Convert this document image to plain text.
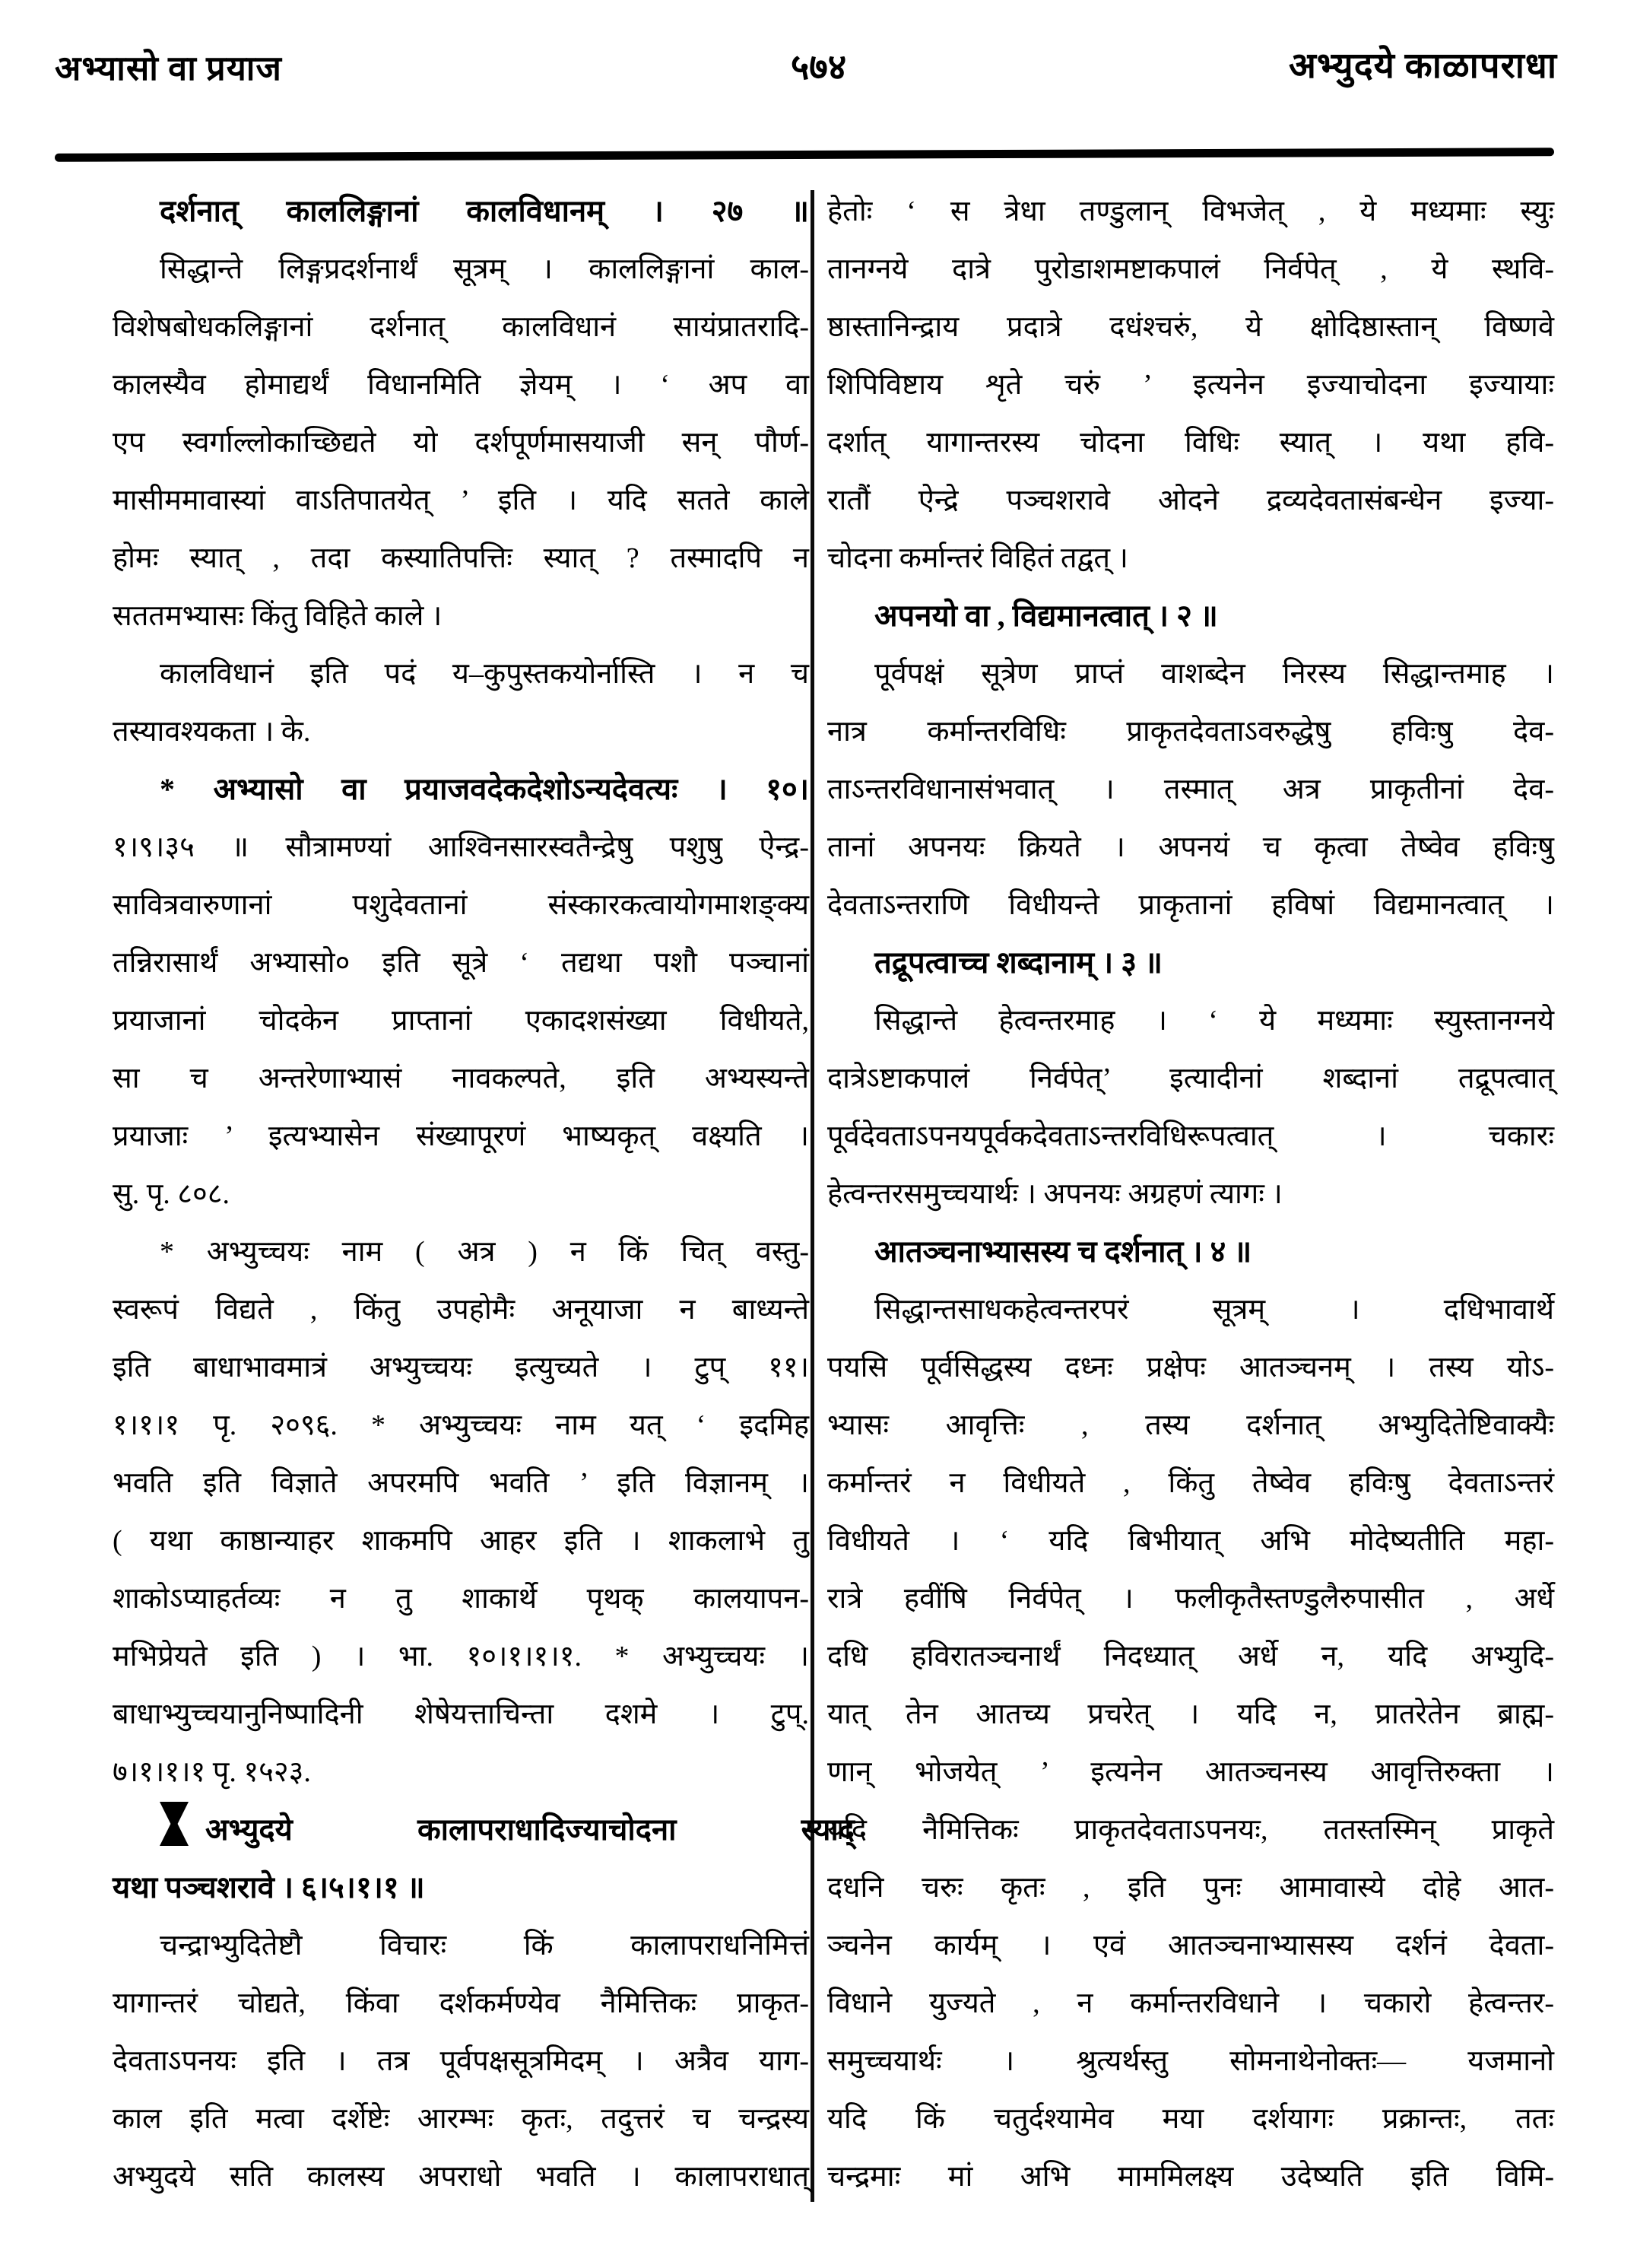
अभ्यासो वा प्रयाज	५७४	अभ्युदये काळापराधा
दर्शनात् काललिङ्गानां कालविधानम् । २७ ॥
सिद्धान्ते लिङ्गप्रदर्शनार्थं सूत्रम् । काललिङ्गानां काल-
विशेषबोधकलिङ्गानां दर्शनात् कालविधानं सायंप्रातरादि-
कालस्यैव होमाद्यर्थं विधानमिति ज्ञेयम् । ‘ अप वा
एप स्वर्गाल्लोकाच्छिद्यते यो दर्शपूर्णमासयाजी सन् पौर्ण-
मासीममावास्यां वाऽतिपातयेत् ’ इति । यदि सतते काले
होमः स्यात् , तदा कस्यातिपत्तिः स्यात् ? तस्मादपि न
सततमभ्यासः किंतु विहिते काले ।
कालविधानं इति पदं य–कुपुस्तकयोर्नास्ति । न च
तस्यावश्यकता । के.
* अभ्यासो वा प्रयाजवदेकदेशोऽन्यदेवत्यः । १०।
१।९।३५ ॥ सौत्रामण्यां आश्विनसारस्वतैन्द्रेषु पशुषु ऐन्द्र-
सावित्रवारुणानां पशुदेवतानां संस्कारकत्वायोगमाशङ्क्य
तन्निरासार्थं अभ्यासो० इति सूत्रे ‘ तद्यथा पशौ पञ्चानां
प्रयाजानां चोदकेन प्राप्तानां एकादशसंख्या विधीयते,
सा च अन्तरेणाभ्यासं नावकल्पते, इति अभ्यस्यन्ते
प्रयाजाः ’ इत्यभ्यासेन संख्यापूरणं भाष्यकृत् वक्ष्यति ।
सु. पृ. ८०८.
* अभ्युच्चयः नाम ( अत्र ) न किं चित् वस्तु-
स्वरूपं विद्यते , किंतु उपहोमैः अनूयाजा न बाध्यन्ते
इति बाधाभावमात्रं अभ्युच्चयः इत्युच्यते । टुप् ११।
१।१।१ पृ. २०९६. * अभ्युच्चयः नाम यत् ‘ इदमिह
भवति इति विज्ञाते अपरमपि भवति ’ इति विज्ञानम् ।
( यथा काष्ठान्याहर शाकमपि आहर इति । शाकलाभे तु
शाकोऽप्याहर्तव्यः न तु शाकार्थे पृथक् कालयापन-
मभिप्रेयते इति ) । भा. १०।१।१।१. * अभ्युच्चयः ।
बाधाभ्युच्चयानुनिष्पादिनी शेषेयत्ताचिन्ता दशमे । टुप्.
७।१।१।१ पृ. १५२३.
अभ्युदये कालापराधादिज्याचोदना स्याद्
यथा पञ्चशरावे । ६।५।१।१ ॥
चन्द्राभ्युदितेष्टौ विचारः किं कालापराधनिमित्तं
यागान्तरं चोद्यते, किंवा दर्शकर्मण्येव नैमित्तिकः प्राकृत-
देवताऽपनयः इति । तत्र पूर्वपक्षसूत्रमिदम् । अत्रैव याग-
काल इति मत्वा दर्शेष्टेः आरम्भः कृतः, तदुत्तरं च चन्द्रस्य
अभ्युदये सति कालस्य अपराधो भवति । कालापराधात्
हेतोः ‘ स त्रेधा तण्डुलान् विभजेत् , ये मध्यमाः स्युः
तानग्नये दात्रे पुरोडाशमष्टाकपालं निर्वपेत् , ये स्थवि-
ष्ठास्तानिन्द्राय प्रदात्रे दधंश्चरुं, ये क्षोदिष्ठास्तान् विष्णवे
शिपिविष्टाय शृते चरुं ’ इत्यनेन इज्याचोदना इज्यायाः
दर्शात् यागान्तरस्य चोदना विधिः स्यात् । यथा हवि-
रातौं ऐन्द्रे पञ्चशरावे ओदने द्रव्यदेवतासंबन्धेन इज्या-
चोदना कर्मान्तरं विहितं तद्वत् ।
अपनयो वा , विद्यमानत्वात् । २ ॥
पूर्वपक्षं सूत्रेण प्राप्तं वाशब्देन निरस्य सिद्धान्तमाह ।
नात्र कर्मान्तरविधिः प्राकृतदेवताऽवरुद्धेषु हविःषु देव-
ताऽन्तरविधानासंभवात् । तस्मात् अत्र प्राकृतीनां देव-
तानां अपनयः क्रियते । अपनयं च कृत्वा तेष्वेव हविःषु
देवताऽन्तराणि विधीयन्ते प्राकृतानां हविषां विद्यमानत्वात् ।
तद्रूपत्वाच्च शब्दानाम् । ३ ॥
सिद्धान्ते हेत्वन्तरमाह । ‘ ये मध्यमाः स्युस्तानग्नये
दात्रेऽष्टाकपालं निर्वपेत्’ इत्यादीनां शब्दानां तद्रूपत्वात्
पूर्वदेवताऽपनयपूर्वकदेवताऽन्तरविधिरूपत्वात् । चकारः
हेत्वन्तरसमुच्चयार्थः । अपनयः अग्रहणं त्यागः ।
आतञ्चनाभ्यासस्य च दर्शनात् । ४ ॥
सिद्धान्तसाधकहेत्वन्तरपरं सूत्रम् । दधिभावार्थे
पयसि पूर्वसिद्धस्य दध्नः प्रक्षेपः आतञ्चनम् । तस्य योऽ-
भ्यासः आवृत्तिः , तस्य दर्शनात् अभ्युदितेष्टिवाक्यैः
कर्मान्तरं न विधीयते , किंतु तेष्वेव हविःषु देवताऽन्तरं
विधीयते । ‘ यदि बिभीयात् अभि मोदेष्यतीति महा-
रात्रे हवींषि निर्वपेत् । फलीकृतैस्तण्डुलैरुपासीत , अर्धे
दधि हविरातञ्चनार्थं निदध्यात् अर्धे न, यदि अभ्युदि-
यात् तेन आतच्य प्रचरेत् । यदि न, प्रातरेतेन ब्राह्म-
णान् भोजयेत् ’ इत्यनेन आतञ्चनस्य आवृत्तिरुक्ता ।
यदि नैमित्तिकः प्राकृतदेवताऽपनयः, ततस्तस्मिन् प्राकृते
दधनि चरुः कृतः , इति पुनः आमावास्ये दोहे आत-
ञ्चनेन कार्यम् । एवं आतञ्चनाभ्यासस्य दर्शनं देवता-
विधाने युज्यते , न कर्मान्तरविधाने । चकारो हेत्वन्तर-
समुच्चयार्थः । श्रुत्यर्थस्तु सोमनाथेनोक्तः— यजमानो
यदि किं चतुर्दश्यामेव मया दर्शयागः प्रक्रान्तः, ततः
चन्द्रमाः मां अभि माममिलक्ष्य उदेष्यति इति विमि-
